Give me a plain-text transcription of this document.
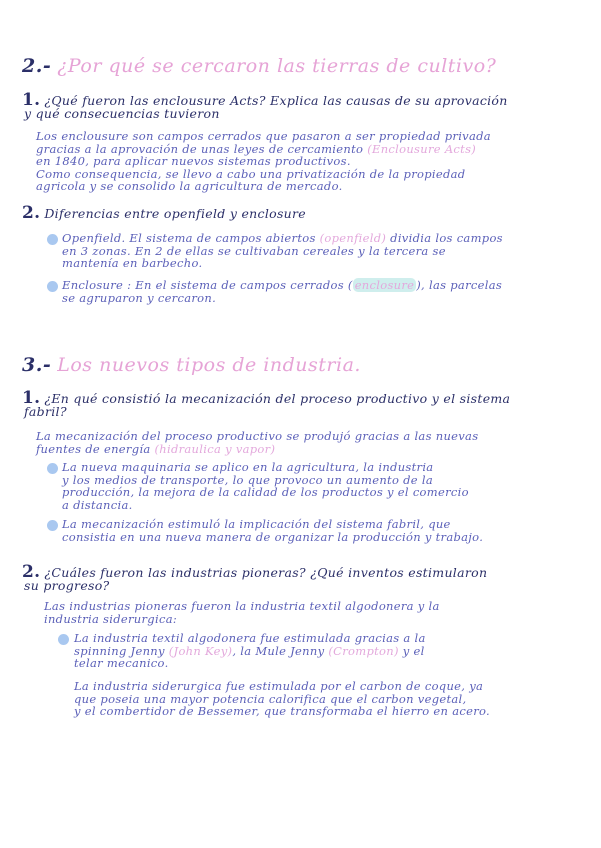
2.- ¿Por qué se cercaron las tierras de cultivo?
1. ¿Qué fueron las enclousure Acts? Explica las causas de su aprovación
y qué consecuencias tuvieron
Los enclousure son campos cerrados que pasaron a ser propiedad privada
gracias a la aprovación de unas leyes de cercamiento (Enclousure Acts)
en 1840, para aplicar nuevos sistemas productivos.
Como consequencia, se llevo a cabo una privatización de la propiedad
agricola y se consolido la agricultura de mercado.
2. Diferencias entre openfield y enclosure
Openfield. El sistema de campos abiertos (openfield) dividia los campos
en 3 zonas. En 2 de ellas se cultivaban cereales y la tercera se
mantenía en barbecho.
Enclosure : En el sistema de campos cerrados ( enclosure ), las parcelas
se agruparon y cercaron.
3.- Los nuevos tipos de industria.
1. ¿En qué consistió la mecanización del proceso productivo y el sistema
fabril?
La mecanización del proceso productivo se produjó gracias a las nuevas
fuentes de energía (hidraulica y vapor)
La nueva maquinaria se aplico en la agricultura, la industria
y los medios de transporte, lo que provoco un aumento de la
producción, la mejora de la calidad de los productos y el comercio
a distancia.
La mecanización estimuló la implicación del sistema fabril, que
consistia en una nueva manera de organizar la producción y trabajo.
2. ¿Cuáles fueron las industrias pioneras? ¿Qué inventos estimularon
su progreso?
Las industrias pioneras fueron la industria textil algodonera y la
industria siderurgica:
La industria textil algodonera fue estimulada gracias a la
spinning Jenny (John Key), la Mule Jenny (Crompton) y el
telar mecanico.
La industria siderurgica fue estimulada por el carbon de coque, ya
que poseia una mayor potencia calorifica que el carbon vegetal,
y el combertidor de Bessemer, que transformaba el hierro en acero.
